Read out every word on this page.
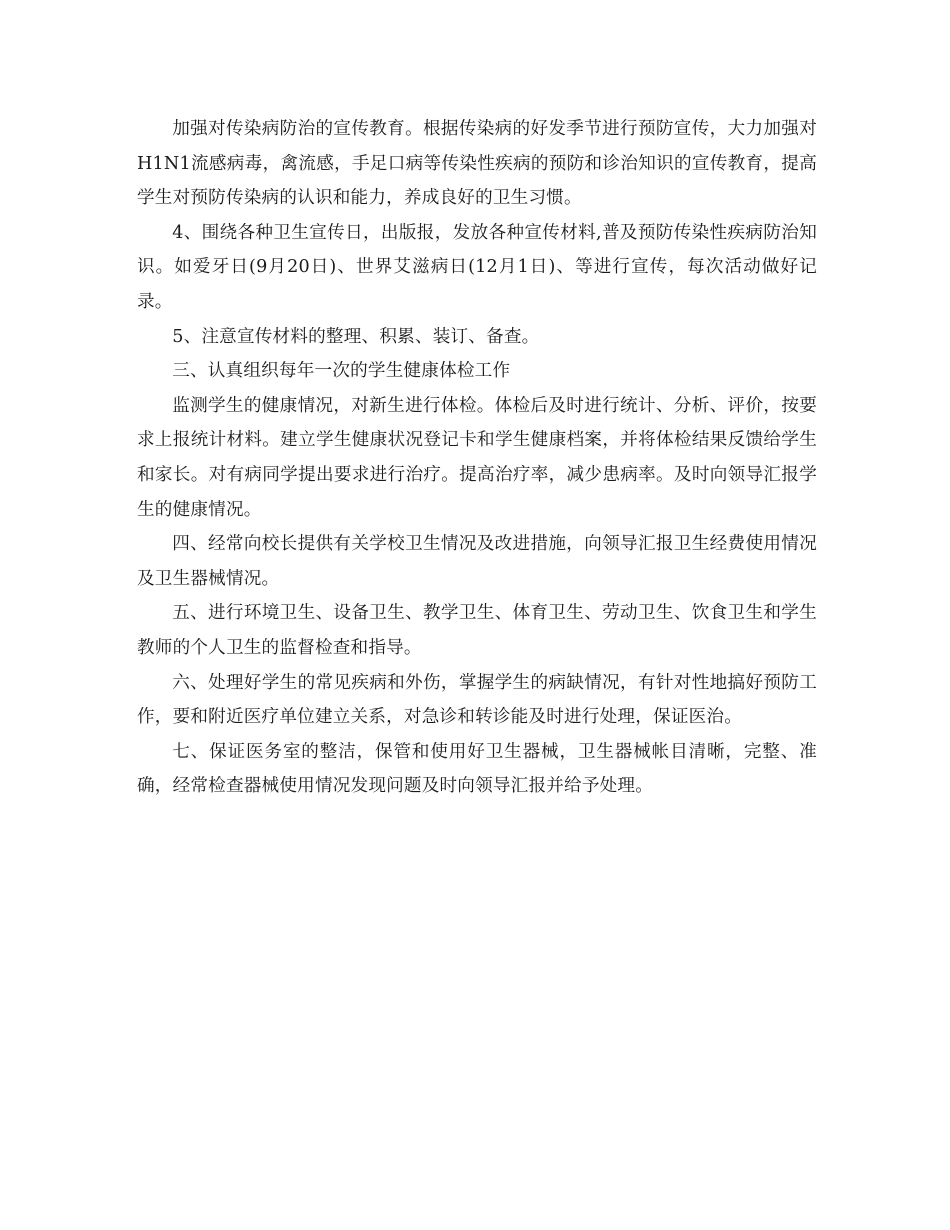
加强对传染病防治的宣传教育。根据传染病的好发季节进行预防宣传，大力加强对H1N1流感病毒，禽流感，手足口病等传染性疾病的预防和诊治知识的宣传教育，提高学生对预防传染病的认识和能力，养成良好的卫生习惯。

4、围绕各种卫生宣传日，出版报，发放各种宣传材料,普及预防传染性疾病防治知识。如爱牙日(9月20日)、世界艾滋病日(12月1日)、等进行宣传，每次活动做好记录。

5、注意宣传材料的整理、积累、装订、备查。

三、认真组织每年一次的学生健康体检工作

监测学生的健康情况，对新生进行体检。体检后及时进行统计、分析、评价，按要求上报统计材料。建立学生健康状况登记卡和学生健康档案，并将体检结果反馈给学生和家长。对有病同学提出要求进行治疗。提高治疗率，减少患病率。及时向领导汇报学生的健康情况。

四、经常向校长提供有关学校卫生情况及改进措施，向领导汇报卫生经费使用情况及卫生器械情况。

五、进行环境卫生、设备卫生、教学卫生、体育卫生、劳动卫生、饮食卫生和学生教师的个人卫生的监督检查和指导。

六、处理好学生的常见疾病和外伤，掌握学生的病缺情况，有针对性地搞好预防工作，要和附近医疗单位建立关系，对急诊和转诊能及时进行处理，保证医治。

七、保证医务室的整洁，保管和使用好卫生器械，卫生器械帐目清晰，完整、准确，经常检查器械使用情况发现问题及时向领导汇报并给予处理。
